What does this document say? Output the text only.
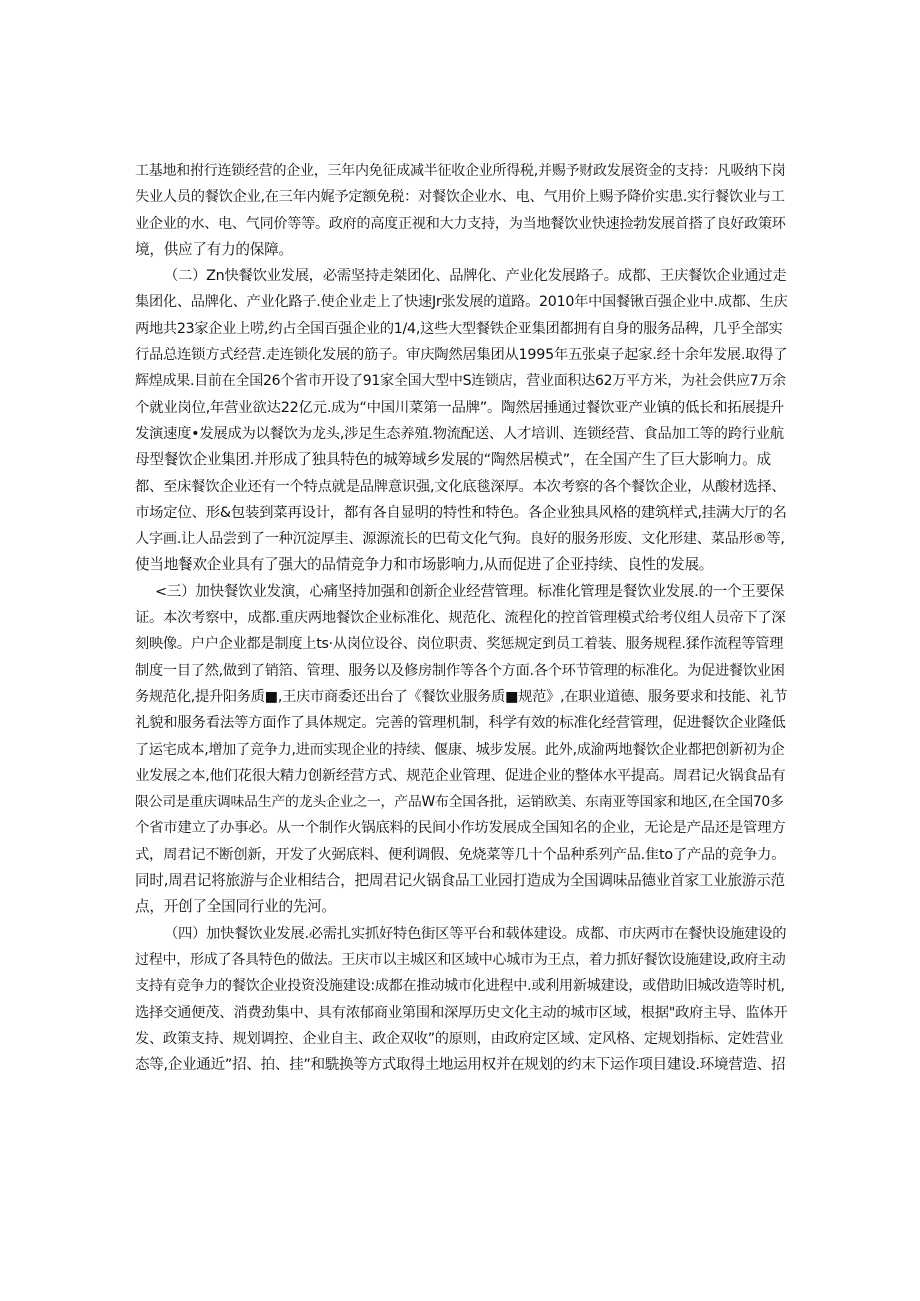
工基地和拊行连锁经营的企业，三年内免征成减半征收企业所得税,并赐予财政发展资金的支持：凡吸纳下岗
失业人员的餐饮企业,在三年内娓予定额免税：对餐饮企业水、电、气用价上赐予降价实患.实行餐饮业与工
业企业的水、电、气同价等等。政府的高度正视和大力支持，为当地餐饮业快速捡勃发展首搭了良好政策环
境，供应了有力的保障。
（二）Zn快餐饮业发展，必需坚持走桀团化、品牌化、产业化发展路子。成都、王庆餐饮企业通过走
集团化、品牌化、产业化路子.使企业走上了快速Jr张发展的道路。2010年中国餐锹百强企业中.成都、生庆
两地共23家企业上唠,约占全国百强企业的1/4,这些大型餐铁企亚集团都拥有自身的服务品稗，几乎全部实
行品总连锁方式经营.走连锁化发展的筋子。审庆陶然居集团从1995年五张桌子起家.经十余年发展.取得了
辉煌成果.目前在全国26个省市开设了91家全国大型中S连锁店，营业面积达62万平方米，为社会供应7万余
个就业岗位,年营业欲达22亿元.成为“中国川菜第一品牌”。陶然居捶通过餐饮亚产业镇的低长和拓展提升
发演速度•发展成为以餐饮为龙头,涉足生态养殖.物流配送、人才培训、连锁经营、食品加工等的跨行业航
母型餐饮企业集团.并形成了独具特色的城筹域乡发展的“陶然居模式”，在全国产生了巨大影响力。成
都、至床餐饮企业还有一个特点就是品牌意识强,文化底毯深厚。本次考察的各个餐饮企业，从酸材选择、
市场定位、形&包装到菜再设计，都有各自显明的特性和特色。各企业独具风格的建筑样式,挂满大厅的名
人字画.让人品尝到了一种沉淀厚圭、源源流长的巴荀文化气狗。良好的服务形废、文化形建、菜品形®等,
使当地餐欢企业具有了强大的品情竞争力和市场影响力,从而促进了企亚持续、良性的发展。
<三）加快餐饮业发演，心痛坚持加强和创新企业经营管理。标准化管理是餐饮业发展.的一个王要保
证。本次考察中，成都.重庆两地餐饮企业标准化、规范化、流程化的控首管理模式给考仪组人员帝下了深
刻映像。户户企业都是制度上ts·从岗位设谷、岗位职责、奖惩规定到员工着装、服务规程.猱作流程等管理
制度一目了然,做到了销箔、管理、服务以及修房制作等各个方面.各个环节管理的标准化。为促进餐饮业困
务规范化,提升阳务质■,王庆市商委还出台了《餐饮业服务质■规范》,在职业道德、服务要求和技能、礼节
礼貌和服务看法等方面作了具体规定。完善的管理机制，科学有效的标准化经营管理，促进餐饮企业隆低
了运宅成本,增加了竞争力,进而实现企业的持续、偃康、城步发展。此外,成渝两地餐饮企业都把创新初为企
业发展之本,他们花很大精力创新经营方式、规范企业管理、促进企业的整体水平提高。周君记火锅食品有
限公司是重庆调味品生产的龙头企业之一，产品W布全国各批，运销欧美、东南亚等国家和地区,在全国70多
个省市建立了办事必。从一个制作火锅底料的民间小作坊发展成全国知名的企业，无论是产品还是管理方
式，周君记不断创新，开发了火弼底料、便利调假、免烧菜等几十个品种系列产品.隹to了产品的竞争力。
同时,周君记将旅游与企业相结合，把周君记火锅食品工业园打造成为全国调味品德业首家工业旅游示范
点，开创了全国同行业的先河。
（四）加快餐饮业发展.必需扎实抓好特色街区等平台和载体建设。成都、市庆两市在餐快设施建设的
过程中，形成了各具特色的做法。王庆市以主城区和区域中心城市为王点，着力抓好餐饮设施建设,政府主动
支持有竞争力的餐饮企业投资没施建设:成都在推动城市化进程中.或利用新城建设，或借助旧城改造等时机,
选择交通便茂、消费劲集中、具有浓郁商业第围和深厚历史文化主动的城市区域，根据"政府主导、监体开
发、政策支持、规划调控、企业自主、政企双收”的原则，由政府定区域、定风格、定规划指标、定姓营业
态等,企业通近”招、拍、挂”和駪换等方式取得土地运用权并在规划的约末下运作项目建设.环境营造、招
